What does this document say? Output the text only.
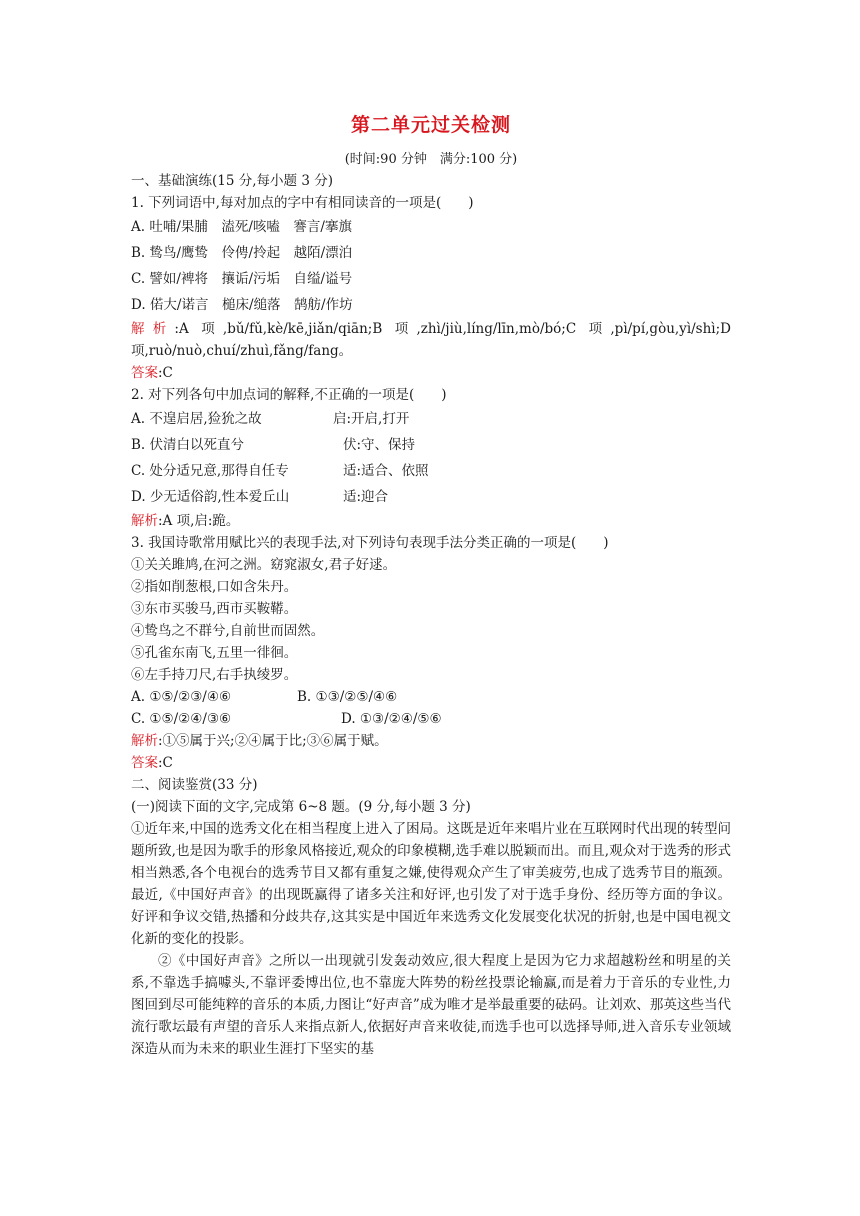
第二单元过关检测
(时间:90 分钟　满分:100 分)
一、基础演练(15 分,每小题 3 分)
1. 下列词语中,每对加点的字中有相同读音的一项是(　　)
A. 吐哺/果脯　溘死/咳嗑　謇言/搴旗
B. 鸷鸟/鹰鸷　伶俜/拎起　越陌/漂泊
C. 譬如/裨将　攘诟/污垢　自缢/谥号
D. 偌大/诺言　槌床/缒落　鹄舫/作坊
解析:A 项,bǔ/fǔ,kè/kē,jiǎn/qiān;B 项,zhì/jiù,líng/līn,mò/bó;C 项,pì/pí,gòu,yì/shì;D 项,ruò/nuò,chuí/zhuì,fǎng/fang。
答案:C
2. 对下列各句中加点词的解释,不正确的一项是(　　)
A. 不遑启居,猃狁之故	启:开启,打开
B. 伏清白以死直兮	伏:守、保持
C. 处分适兄意,那得自任专	适:适合、依照
D. 少无适俗韵,性本爱丘山	适:迎合
解析:A 项,启:跪。
3. 我国诗歌常用赋比兴的表现手法,对下列诗句表现手法分类正确的一项是(　　)
①关关雎鸠,在河之洲。窈窕淑女,君子好逑。
②指如削葱根,口如含朱丹。
③东市买骏马,西市买鞍鞯。
④鸷鸟之不群兮,自前世而固然。
⑤孔雀东南飞,五里一徘徊。
⑥左手持刀尺,右手执绫罗。
A. ①⑤/②③/④⑥	B. ①③/②⑤/④⑥
C. ①⑤/②④/③⑥	D. ①③/②④/⑤⑥
解析:①⑤属于兴;②④属于比;③⑥属于赋。
答案:C
二、阅读鉴赏(33 分)
(一)阅读下面的文字,完成第 6~8 题。(9 分,每小题 3 分)
①近年来,中国的选秀文化在相当程度上进入了困局。这既是近年来唱片业在互联网时代出现的转型问题所致,也是因为歌手的形象风格接近,观众的印象模糊,选手难以脱颖而出。而且,观众对于选秀的形式相当熟悉,各个电视台的选秀节目又都有重复之嫌,使得观众产生了审美疲劳,也成了选秀节目的瓶颈。最近,《中国好声音》的出现既赢得了诸多关注和好评,也引发了对于选手身份、经历等方面的争议。好评和争议交错,热播和分歧共存,这其实是中国近年来选秀文化发展变化状况的折射,也是中国电视文化新的变化的投影。
②《中国好声音》之所以一出现就引发轰动效应,很大程度上是因为它力求超越粉丝和明星的关系,不靠选手搞噱头,不靠评委博出位,也不靠庞大阵势的粉丝投票论输赢,而是着力于音乐的专业性,力图回到尽可能纯粹的音乐的本质,力图让“好声音”成为唯才是举最重要的砝码。让刘欢、那英这些当代流行歌坛最有声望的音乐人来指点新人,依据好声音来收徒,而选手也可以选择导师,进入音乐专业领域深造从而为未来的职业生涯打下坚实的基
